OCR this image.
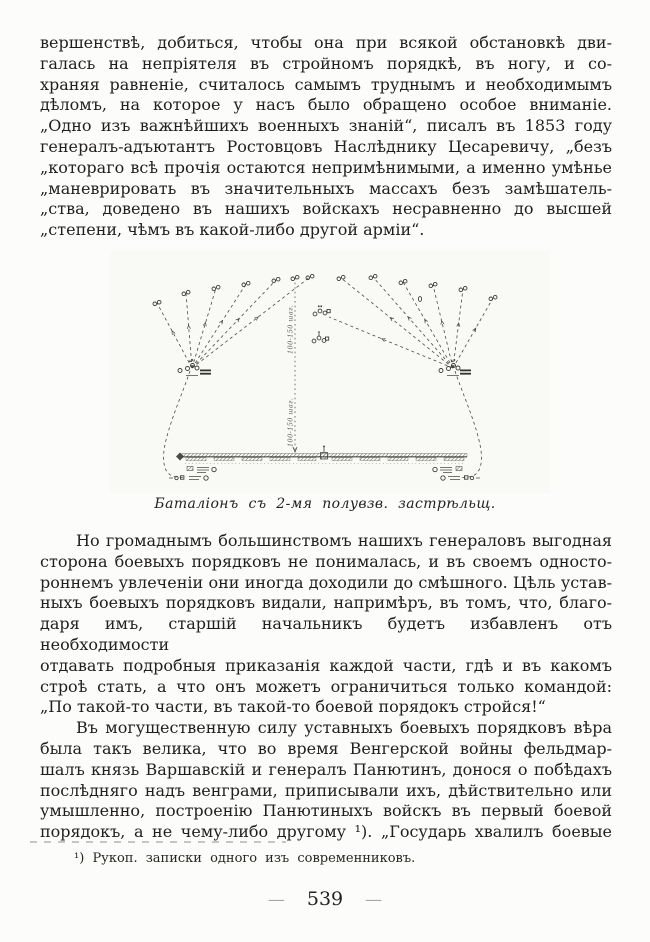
вершенствѣ, добиться, чтобы она при всякой обстановкѣ дви-
галась на непріятеля въ стройномъ порядкѣ, въ ногу, и со-
храняя равненіе, считалось самымъ труднымъ и необходимымъ
дѣломъ, на которое у насъ было обращено особое вниманіе.
„Одно изъ важнѣйшихъ военныхъ знаній“, писалъ въ 1853 году
генералъ-адъютантъ Ростовцовъ Наслѣднику Цесаревичу, „безъ
„котораго всѣ прочія остаются непримѣнимыми, а именно умѣнье
„маневрировать въ значительныхъ массахъ безъ замѣшатель-
„ства, доведено въ нашихъ войскахъ несравненно до высшей
„степени, чѣмъ въ какой-либо другой арміи“.
100-150 шаг.
100-150 шаг.
Баталіонъ съ 2-мя полувзв. застрѣльщ.
Но громаднымъ большинствомъ нашихъ генераловъ выгодная
сторона боевыхъ порядковъ не понималась, и въ своемъ односто-
роннемъ увлеченіи они иногда доходили до смѣшного. Цѣль устав-
ныхъ боевыхъ порядковъ видали, напримѣръ, въ томъ, что, благо-
даря имъ, старшій начальникъ будетъ избавленъ отъ необходимости
отдавать подробныя приказанія каждой части, гдѣ и въ какомъ
строѣ стать, а что онъ можетъ ограничиться только командой:
„По такой-то части, въ такой-то боевой порядокъ стройся!“
Въ могущественную силу уставныхъ боевыхъ порядковъ вѣра
была такъ велика, что во время Венгерской войны фельдмар-
шалъ князь Варшавскій и генералъ Панютинъ, донося о побѣдахъ
послѣдняго надъ венграми, приписывали ихъ, дѣйствительно или
умышленно, построенію Панютиныхъ войскъ въ первый боевой
порядокъ, а не чему-либо другому ¹). „Государь хвалилъ боевые
¹) Рукоп. записки одного изъ современниковъ.
— 539 —
